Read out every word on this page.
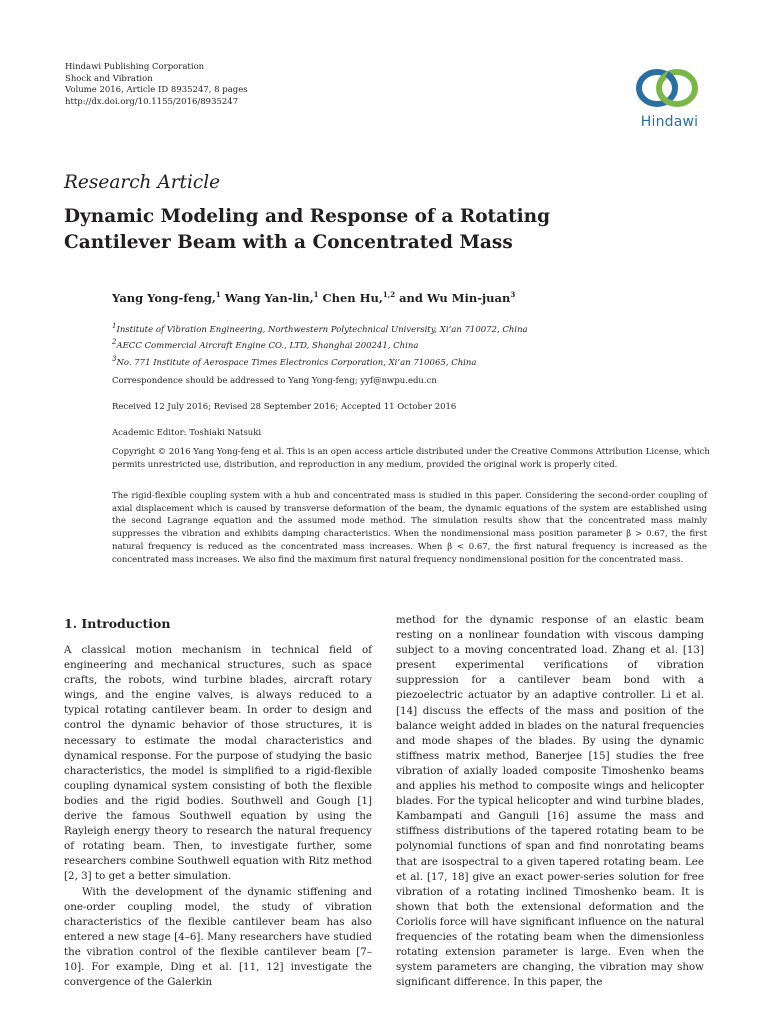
Hindawi Publishing Corporation
Shock and Vibration
Volume 2016, Article ID 8935247, 8 pages
http://dx.doi.org/10.1155/2016/8935247
Hindawi
Research Article
Dynamic Modeling and Response of a Rotating Cantilever Beam with a Concentrated Mass
Yang Yong-feng,$^1$ Wang Yan-lin,$^1$ Chen Hu,$^{1,2}$ and Wu Min-juan$^3$
$^1$Institute of Vibration Engineering, Northwestern Polytechnical University, Xi’an 710072, China
$^2$AECC Commercial Aircraft Engine CO., LTD, Shanghai 200241, China
$^3$No. 771 Institute of Aerospace Times Electronics Corporation, Xi’an 710065, China
Correspondence should be addressed to Yang Yong-feng; yyf@nwpu.edu.cn
Received 12 July 2016; Revised 28 September 2016; Accepted 11 October 2016
Academic Editor: Toshiaki Natsuki
Copyright © 2016 Yang Yong-feng et al. This is an open access article distributed under the Creative Commons Attribution License, which permits unrestricted use, distribution, and reproduction in any medium, provided the original work is properly cited.
The rigid-flexible coupling system with a hub and concentrated mass is studied in this paper. Considering the second-order coupling of axial displacement which is caused by transverse deformation of the beam, the dynamic equations of the system are established using the second Lagrange equation and the assumed mode method. The simulation results show that the concentrated mass mainly suppresses the vibration and exhibits damping characteristics. When the nondimensional mass position parameter β > 0.67, the first natural frequency is reduced as the concentrated mass increases. When β < 0.67, the first natural frequency is increased as the concentrated mass increases. We also find the maximum first natural frequency nondimensional position for the concentrated mass.
1. Introduction

A classical motion mechanism in technical field of engineering and mechanical structures, such as space crafts, the robots, wind turbine blades, aircraft rotary wings, and the engine valves, is always reduced to a typical rotating cantilever beam. In order to design and control the dynamic behavior of those structures, it is necessary to estimate the modal characteristics and dynamical response. For the purpose of studying the basic characteristics, the model is simplified to a rigid-flexible coupling dynamical system consisting of both the flexible bodies and the rigid bodies. Southwell and Gough [1] derive the famous Southwell equation by using the Rayleigh energy theory to research the natural frequency of rotating beam. Then, to investigate further, some researchers combine Southwell equation with Ritz method [2, 3] to get a better simulation.

With the development of the dynamic stiffening and one-order coupling model, the study of vibration characteristics of the flexible cantilever beam has also entered a new stage [4–6]. Many researchers have studied the vibration control of the flexible cantilever beam [7–10]. For example, Ding et al. [11, 12] investigate the convergence of the Galerkin

method for the dynamic response of an elastic beam resting on a nonlinear foundation with viscous damping subject to a moving concentrated load. Zhang et al. [13] present experimental verifications of vibration suppression for a cantilever beam bond with a piezoelectric actuator by an adaptive controller. Li et al. [14] discuss the effects of the mass and position of the balance weight added in blades on the natural frequencies and mode shapes of the blades. By using the dynamic stiffness matrix method, Banerjee [15] studies the free vibration of axially loaded composite Timoshenko beams and applies his method to composite wings and helicopter blades. For the typical helicopter and wind turbine blades, Kambampati and Ganguli [16] assume the mass and stiffness distributions of the tapered rotating beam to be polynomial functions of span and find nonrotating beams that are isospectral to a given tapered rotating beam. Lee et al. [17, 18] give an exact power-series solution for free vibration of a rotating inclined Timoshenko beam. It is shown that both the extensional deformation and the Coriolis force will have significant influence on the natural frequencies of the rotating beam when the dimensionless rotating extension parameter is large. Even when the system parameters are changing, the vibration may show significant difference. In this paper, the
